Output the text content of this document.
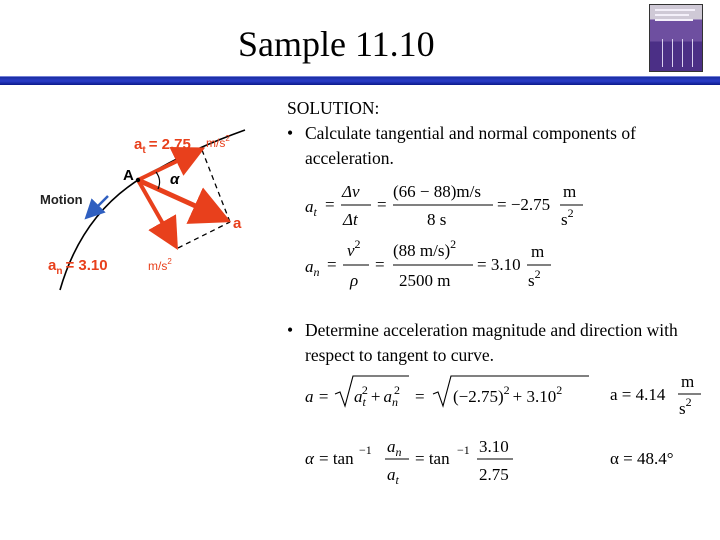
Sample 11.10
SOLUTION:
• Calculate tangential and normal components of acceleration.
• Determine acceleration magnitude and direction with respect to tangent to curve.
$a_t = 2.75$ $m/s^2$
$a_n = 3.10$	$m/s^2$
A α
a
Motion	$a_t$ =
Δv
Δt
=
(66 − 88)m/s
8 s
= −2.75
m
$s^2$
$a_n$ =
$v^2$
ρ
=
(88 m/s)$^2$
2500 m
= 3.10
m
$s^2$
$a = a_t2 + a_n2 = (-2.75)^2 + 3.10^2$	a = 4.14
m
$s^2$
α = tan −1 $a_n$
$a_t$
= tan −1 3.10
2.75
α = 48.4°
